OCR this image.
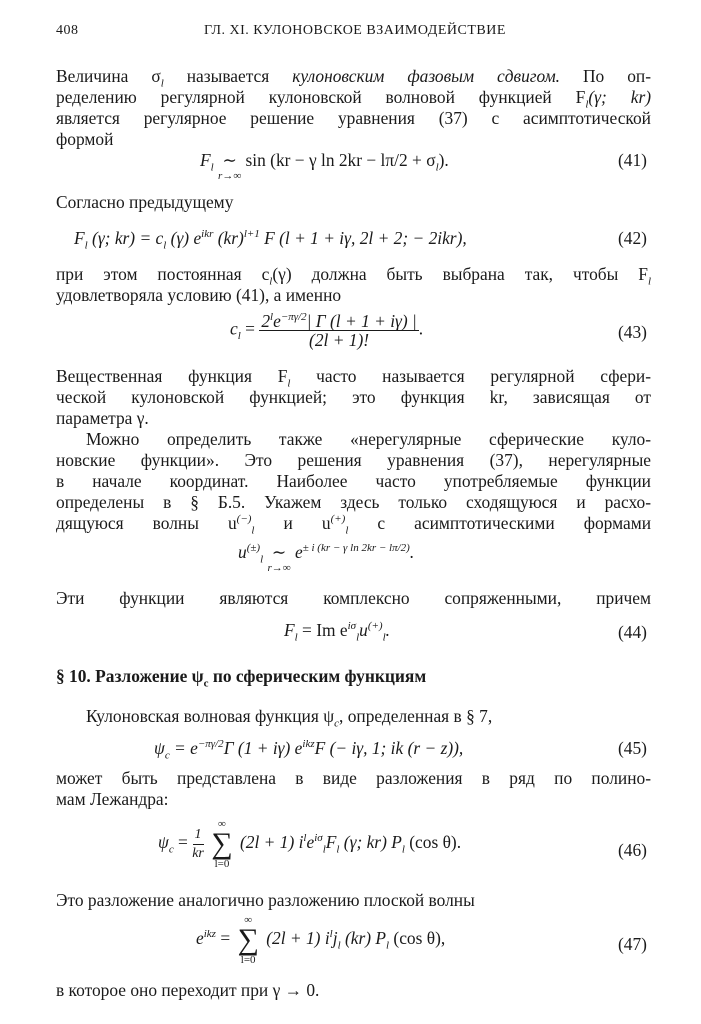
408	ГЛ. XI. КУЛОНОВСКОЕ ВЗАИМОДЕЙСТВИЕ
Величина $\sigma_l$ называется кулоновским фазовым сдвигом. По оп-
ределению регулярной кулоновской волновой функцией $F_l(\gamma$; kr)
является регулярное решение уравнения (37) с асимптотической
формой
$F_l$ ∼
r→∞
sin (kr − γ $\ln 2kr - l\pi/2 + \sigma_l$).	(41)
Согласно предыдущему
$F_l$ (γ; $kr) = c_l$ (γ) $e^{ikr}$ (kr)$^{l+1}$ F (l + 1 + iγ, 2l + 2; − 2ikr),	(42)
при этом постоянная $c_l(\gamma)$ должна быть выбрана так, чтобы $F_l$
удовлетворяла условию (41), а именно
$c_l = \frac{2^le^{-\pi\gamma/2}| \Gamma (l + 1 + i\gamma) |}{(2l + 1)!}$ .	(43)
Вещественная функция $F_l$ часто называется регулярной сфери-
ческой кулоновской функцией; это функция kr, зависящая от
параметра γ.
Можно определить также «нерегулярные сферические куло-
новские функции». Это решения уравнения (37), нерегулярные
в начале координат. Наиболее часто употребляемые функции
определены в § Б.5. Укажем здесь только сходящуюся и расхо-
дящуюся волны $u^{(-)}_l$ и $u^{(+)}_l$ с асимптотическими формами
$u^{(\pm)}_l$ ∼
r→∞
$e^{\pm i (kr - \gamma ln 2kr - l\pi/2)}$.
Эти функции являются комплексно сопряженными, причем
$F_l = Im$ $e^{i\sigma}_lu^{(+)}_l$.	(44)
§ 10. Разложение $\psi_c$ по сферическим функциям
Кулоновская волновая функция $\psi_c$, определенная в § 7,
$\psi_c = e^{-\pi\gamma/2}\Gamma$ (1 + iγ) $e^{ikz}F$ (− iγ, 1; ik (r − z)),	(45)
может быть представлена в виде разложения в ряд по полино-
мам Лежандра:
$\psi_c = \frac{1}{kr}$

∞
∑
l=0
(2l + 1) $i^le^{i\sigma}_lF_l$ (γ; kr) $P_l$ (cos θ).	(46)
Это разложение аналогично разложению плоской волны
$e^{ikz}$ =
∞
∑
l=0
(2l + 1) $i^lj_l$ (kr) $P_l$ (cos θ),	(47)
в которое оно переходит при γ → 0.
